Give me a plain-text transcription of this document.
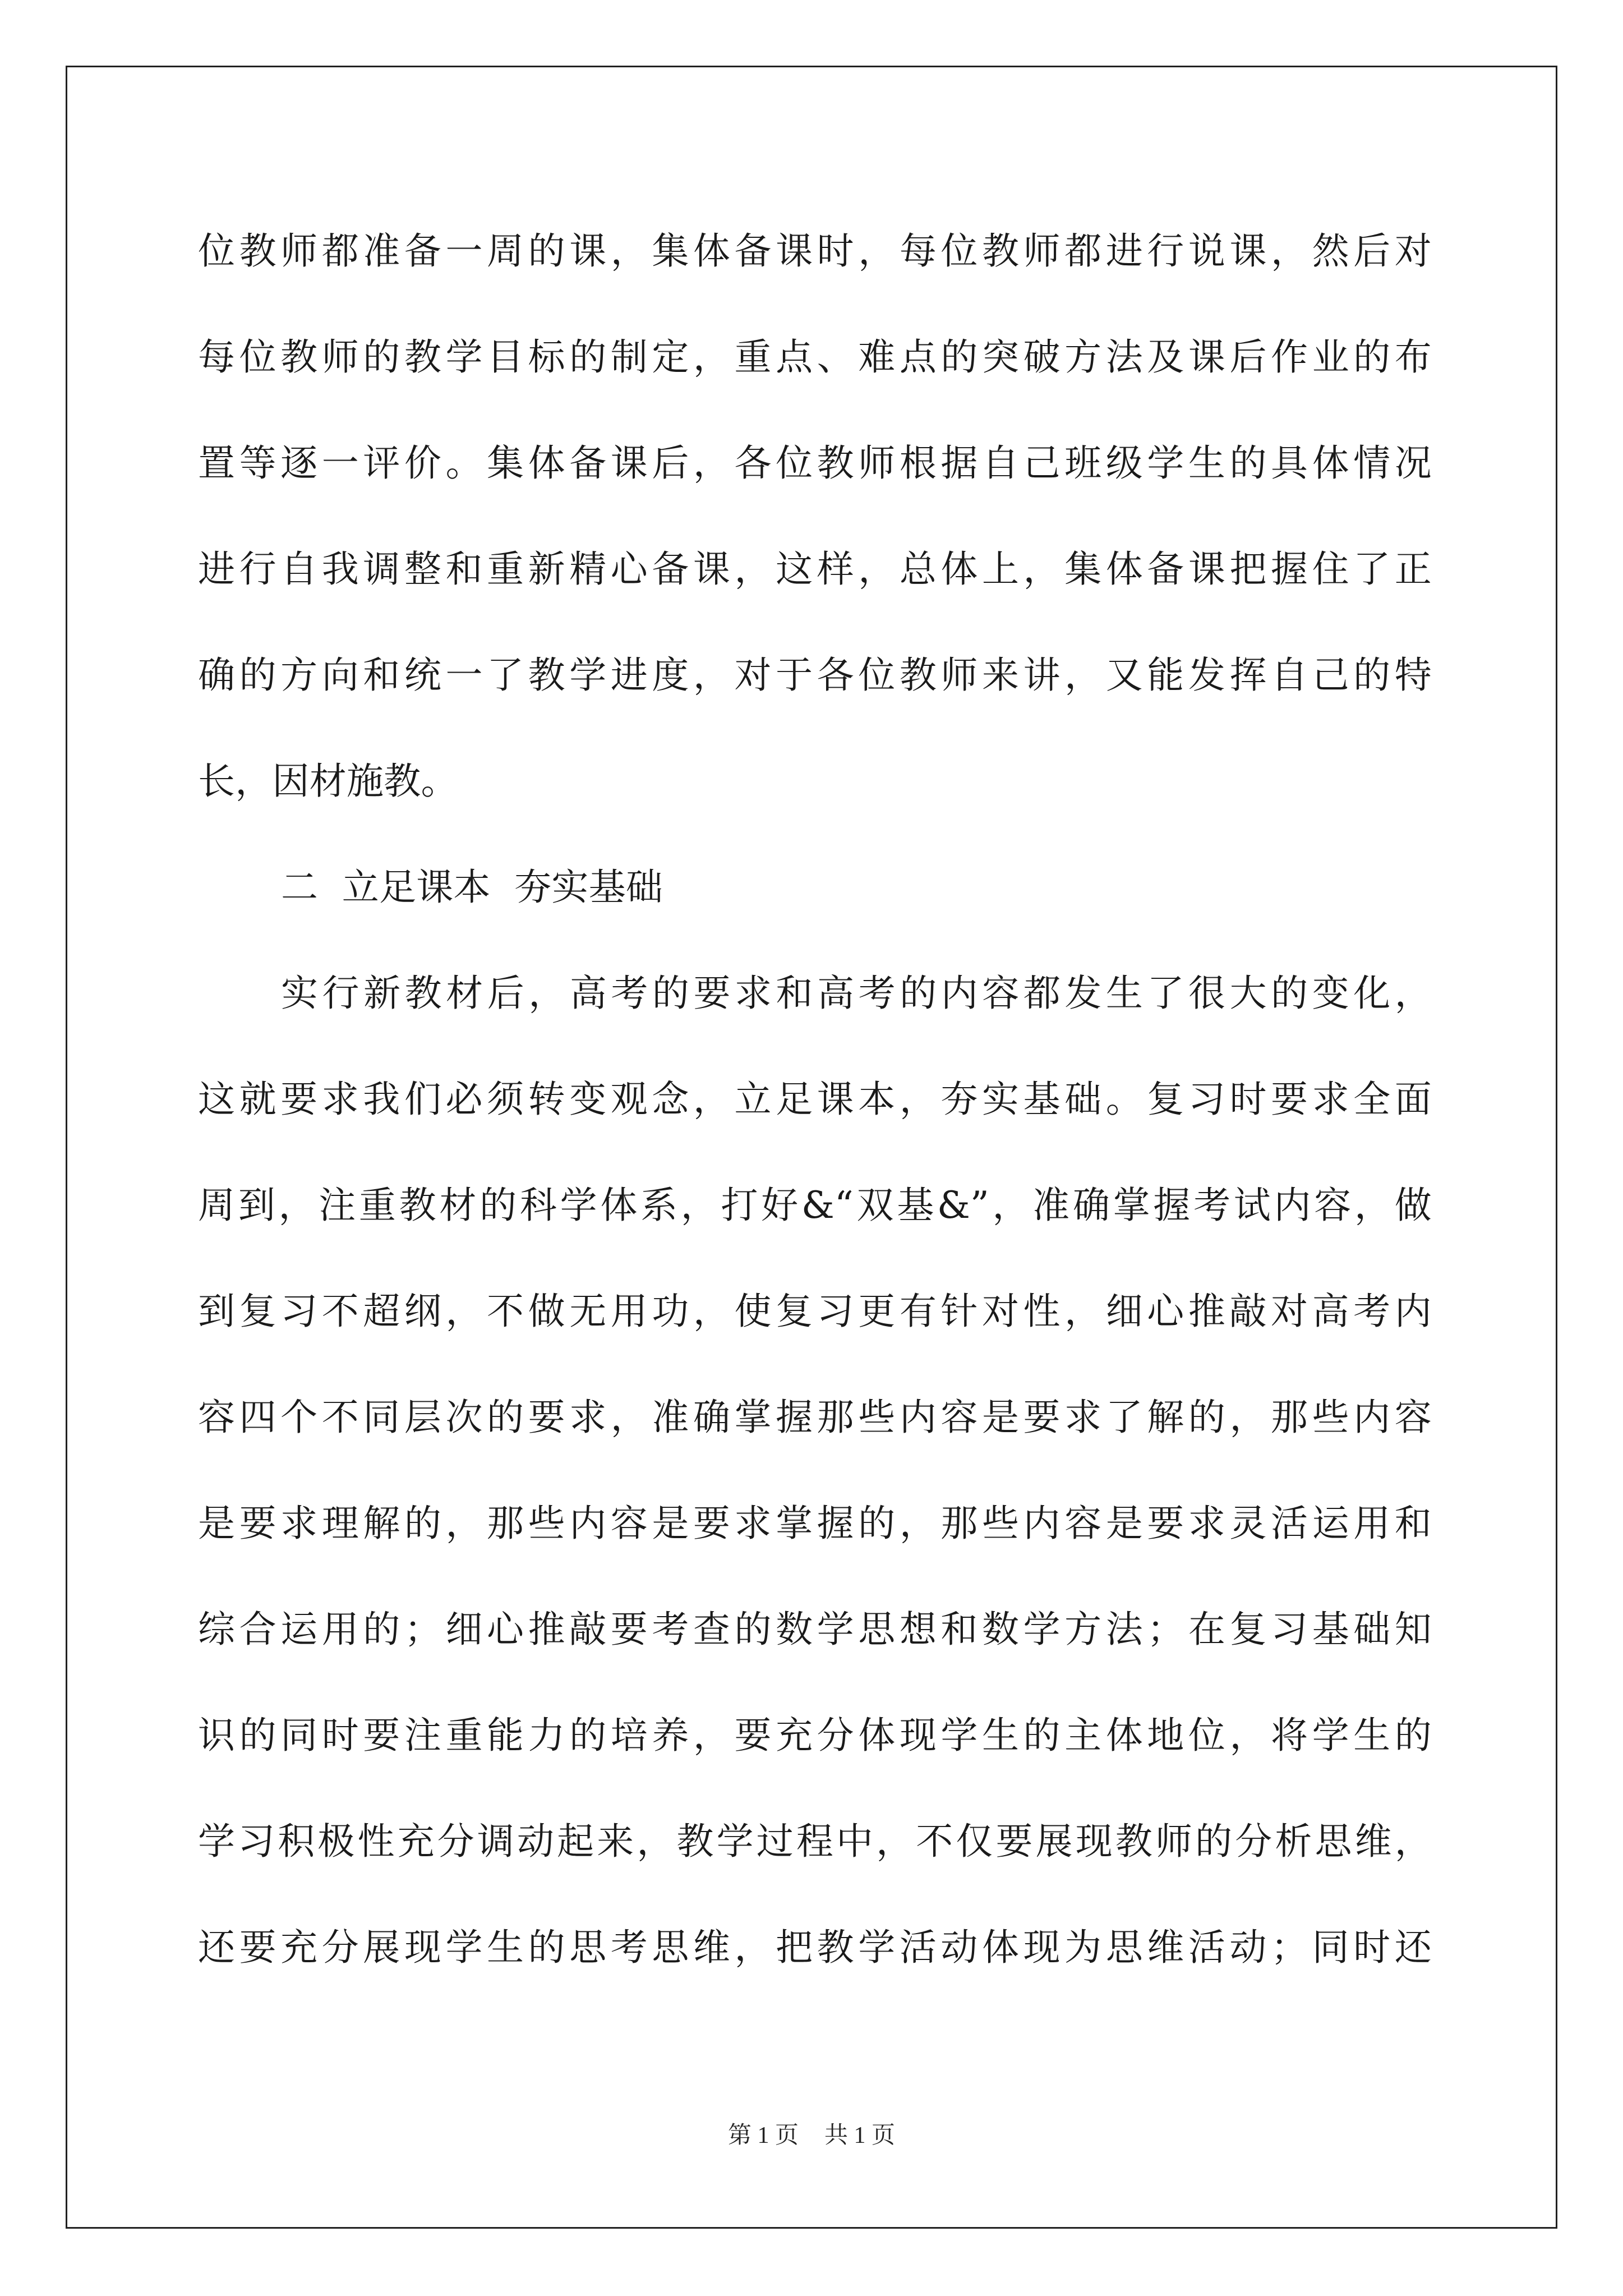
位教师都准备一周的课，集体备课时，每位教师都进行说课，然后对
每位教师的教学目标的制定，重点、难点的突破方法及课后作业的布
置等逐一评价。集体备课后，各位教师根据自己班级学生的具体情况
进行自我调整和重新精心备课，这样，总体上，集体备课把握住了正
确的方向和统一了教学进度，对于各位教师来讲，又能发挥自己的特
长，因材施教。
二  立足课本  夯实基础
实行新教材后，高考的要求和高考的内容都发生了很大的变化，
这就要求我们必须转变观念，立足课本，夯实基础。复习时要求全面
周到，注重教材的科学体系，打好&“双基&”，准确掌握考试内容，做
到复习不超纲，不做无用功，使复习更有针对性，细心推敲对高考内
容四个不同层次的要求，准确掌握那些内容是要求了解的，那些内容
是要求理解的，那些内容是要求掌握的，那些内容是要求灵活运用和
综合运用的；细心推敲要考查的数学思想和数学方法；在复习基础知
识的同时要注重能力的培养，要充分体现学生的主体地位，将学生的
学习积极性充分调动起来，教学过程中，不仅要展现教师的分析思维，
还要充分展现学生的思考思维，把教学活动体现为思维活动；同时还
第 1 页 共 1 页
